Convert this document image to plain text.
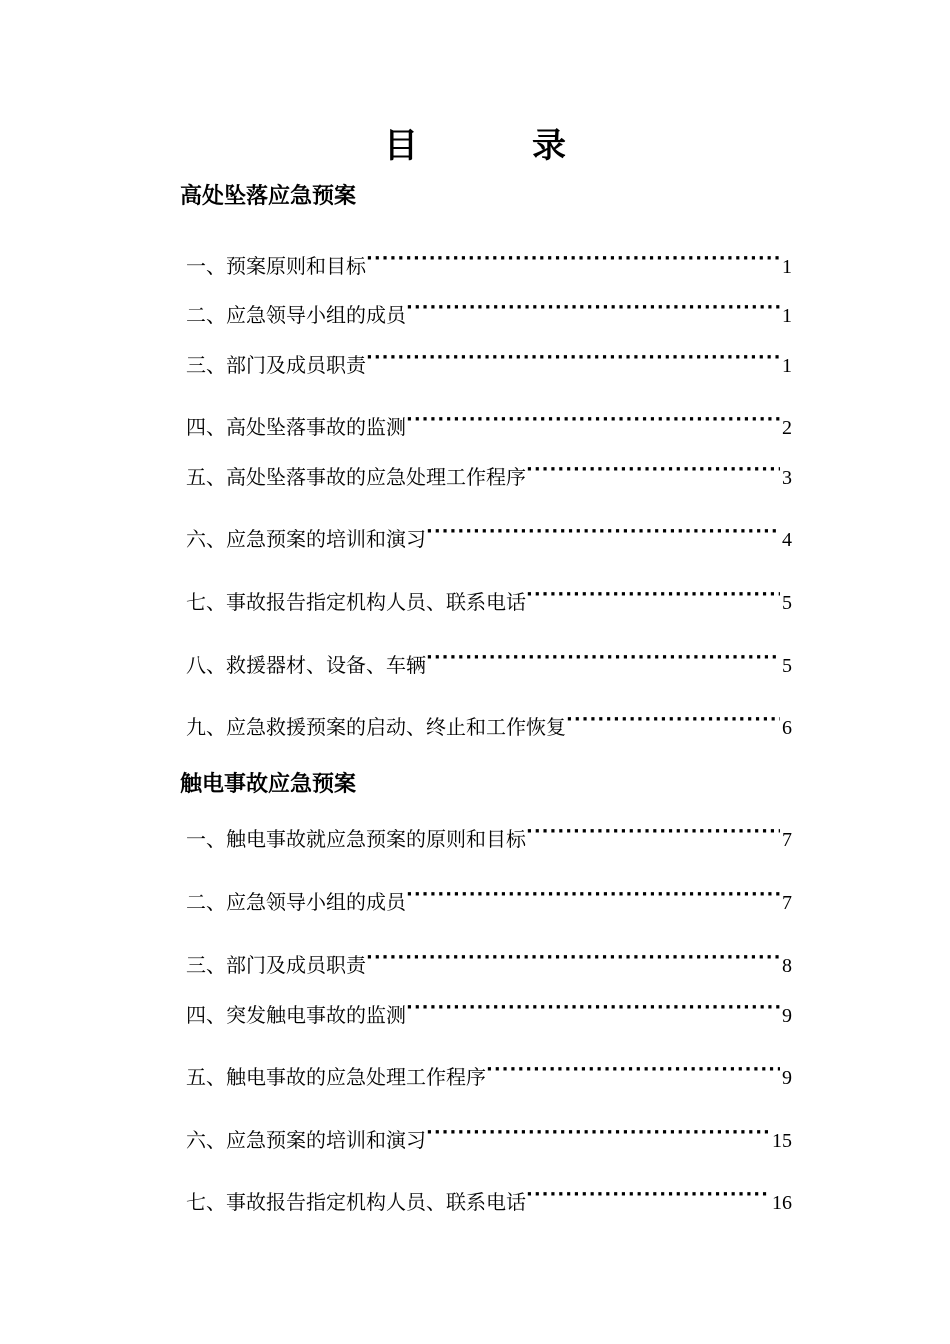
目　录
高处坠落应急预案
一、预案原则和目标 ·····	1
二、应急领导小组的成员 ·····	1
三、部门及成员职责 ·····	1
四、高处坠落事故的监测 ·····	2
五、高处坠落事故的应急处理工作程序 ·····	3
六、应急预案的培训和演习 ·····	4
七、事故报告指定机构人员、联系电话 ·····	5
八、救援器材、设备、车辆 ·····	5
九、应急救援预案的启动、终止和工作恢复 ·····	6
触电事故应急预案
一、触电事故就应急预案的原则和目标 ·····	7
二、应急领导小组的成员 ·····	7
三、部门及成员职责 ·····	8
四、突发触电事故的监测 ·····	9
五、触电事故的应急处理工作程序 ·····	9
六、应急预案的培训和演习 ·····	15
七、事故报告指定机构人员、联系电话 ·····	16
